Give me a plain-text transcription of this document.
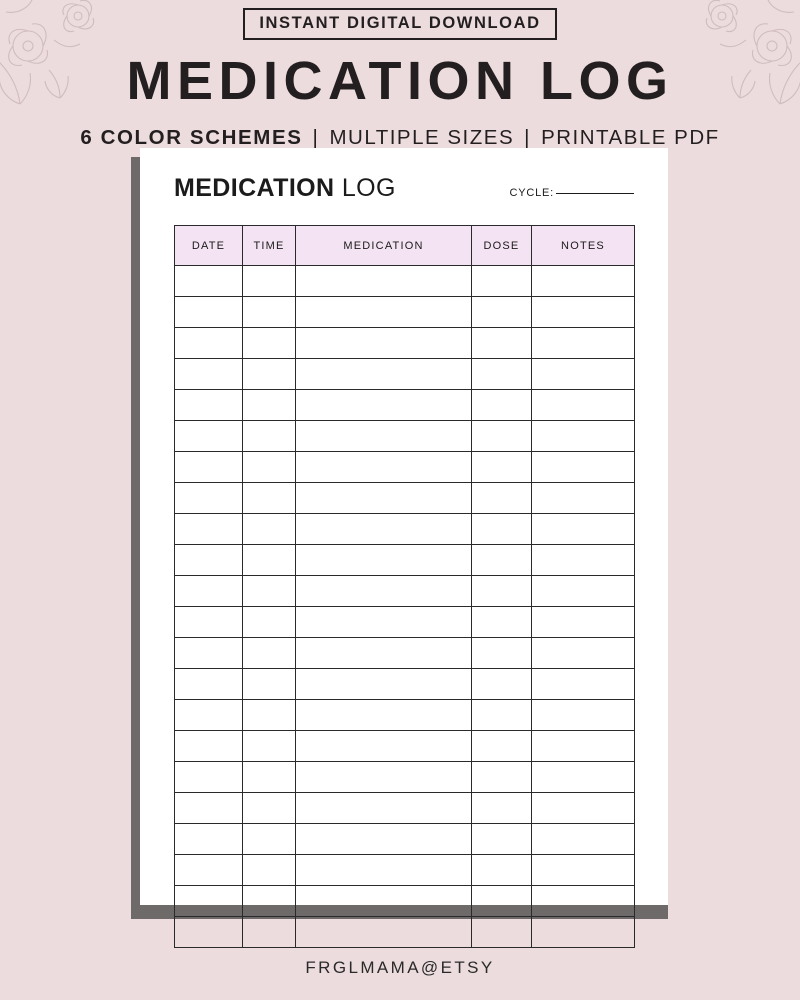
INSTANT DIGITAL DOWNLOAD
MEDICATION LOG
6 COLOR SCHEMES | MULTIPLE SIZES | PRINTABLE PDF
MEDICATION LOG	CYCLE:
DATE	TIME	MEDICATION	DOSE	NOTES

FRGLMAMA@ETSY
